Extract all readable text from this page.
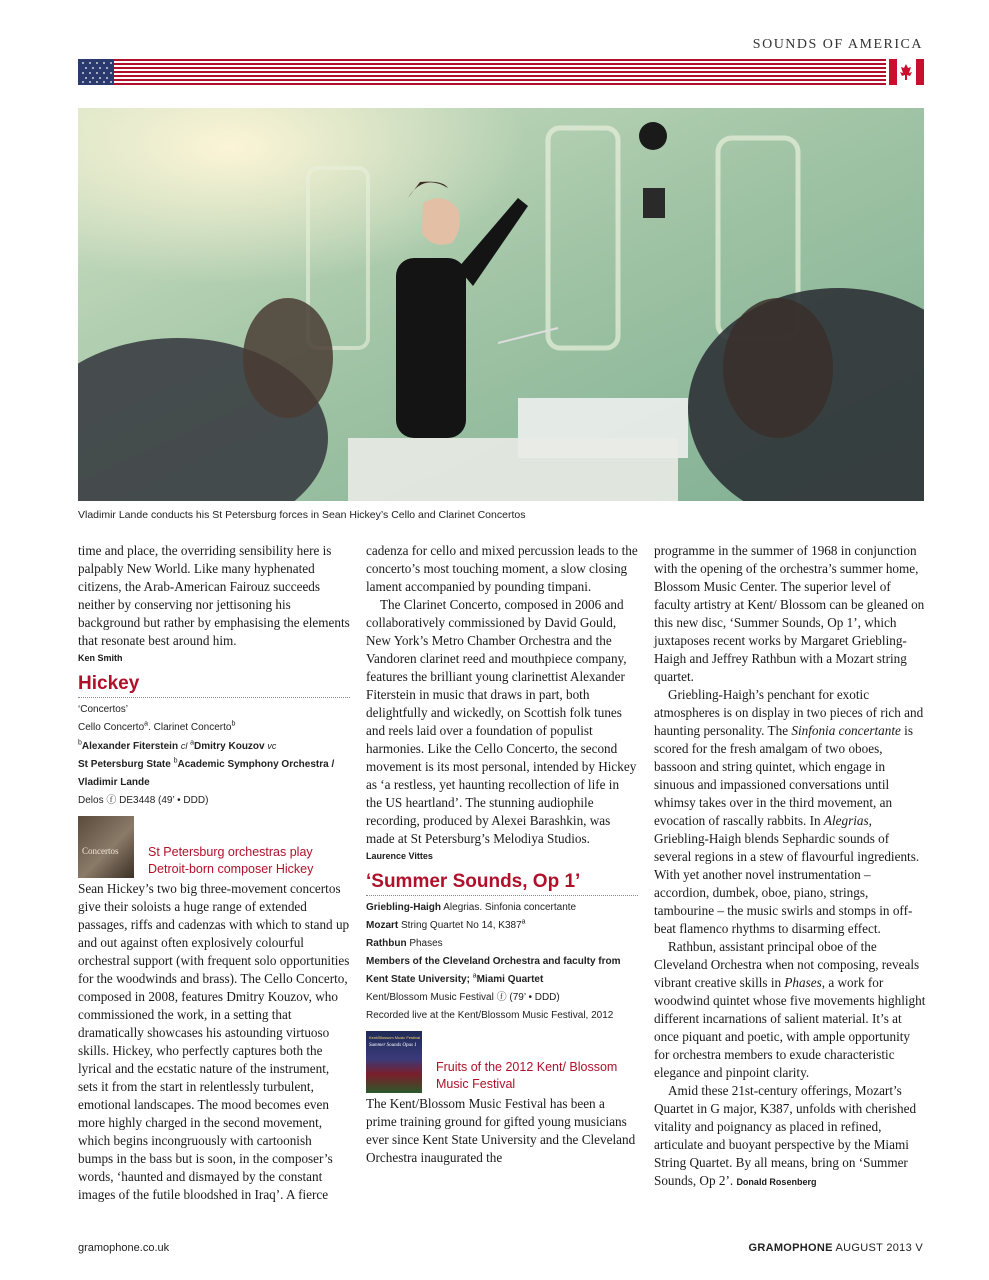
SOUNDS OF AMERICA
Vladimir Lande conducts his St Petersburg forces in Sean Hickey’s Cello and Clarinet Concertos

time and place, the overriding sensibility here is palpably New World. Like many hyphenated citizens, the Arab-American Fairouz succeeds neither by conserving nor jettisoning his background but rather by emphasising the elements that resonate best around him.

Ken Smith
Hickey
‘Concertos’
Cello Concerto$^a$. Clarinet Concerto$^b$
$^b$Alexander Fiterstein cl $^a$Dmitry Kouzov vc
St Petersburg State $^b$Academic Symphony Orchestra / Vladimir Lande
Delos ⓕ DE3448 (49’ • DDD)
Concertos St Petersburg orchestras play Detroit-born composer Hickey

Sean Hickey’s two big three-movement concertos give their soloists a huge range of extended passages, riffs and cadenzas with which to stand up and out against often explosively colourful orchestral support (with frequent solo opportunities for the woodwinds and brass). The Cello Concerto, composed in 2008, features Dmitry Kouzov, who commissioned the work, in a setting that dramatically showcases his astounding virtuoso skills. Hickey, who perfectly captures both the lyrical and the ecstatic nature of the instrument, sets it from the start in relentlessly turbulent, emotional landscapes. The mood becomes even more highly charged in the second movement, which begins incongruously with cartoonish bumps in the bass but is soon, in the composer’s words, ‘haunted and dismayed by the constant images of the futile bloodshed in Iraq’. A fierce

cadenza for cello and mixed percussion leads to the concerto’s most touching moment, a slow closing lament accompanied by pounding timpani.

The Clarinet Concerto, composed in 2006 and collaboratively commissioned by David Gould, New York’s Metro Chamber Orchestra and the Vandoren clarinet reed and mouthpiece company, features the brilliant young clarinettist Alexander Fiterstein in music that draws in part, both delightfully and wickedly, on Scottish folk tunes and reels laid over a foundation of populist harmonies. Like the Cello Concerto, the second movement is its most personal, intended by Hickey as ‘a restless, yet haunting recollection of life in the US heartland’. The stunning audiophile recording, produced by Alexei Barashkin, was made at St Petersburg’s Melodiya Studios.

Laurence Vittes
‘Summer Sounds, Op 1’
Griebling-Haigh Alegrias. Sinfonia concertante
Mozart String Quartet No 14, K387$^a$
Rathbun Phases
Members of the Cleveland Orchestra and faculty from Kent State University; $^a$Miami Quartet
Kent/Blossom Music Festival ⓕ (79’ • DDD)
Recorded live at the Kent/Blossom Music Festival, 2012
Kent/Blossom Music Festival
Summer Sounds Opus 1
Fruits of the 2012 Kent/ Blossom Music Festival

The Kent/Blossom Music Festival has been a prime training ground for gifted young musicians ever since Kent State University and the Cleveland Orchestra inaugurated the

programme in the summer of 1968 in conjunction with the opening of the orchestra’s summer home, Blossom Music Center. The superior level of faculty artistry at Kent/ Blossom can be gleaned on this new disc, ‘Summer Sounds, Op 1’, which juxtaposes recent works by Margaret Griebling-Haigh and Jeffrey Rathbun with a Mozart string quartet.

Griebling-Haigh’s penchant for exotic atmospheres is on display in two pieces of rich and haunting personality. The Sinfonia concertante is scored for the fresh amalgam of two oboes, bassoon and string quintet, which engage in sinuous and impassioned conversations until whimsy takes over in the third movement, an evocation of rascally rabbits. In Alegrias, Griebling-Haigh blends Sephardic sounds of several regions in a stew of flavourful ingredients. With yet another novel instrumentation – accordion, dumbek, oboe, piano, strings, tambourine – the music swirls and stomps in off-beat flamenco rhythms to disarming effect.

Rathbun, assistant principal oboe of the Cleveland Orchestra when not composing, reveals vibrant creative skills in Phases, a work for woodwind quintet whose five movements highlight different incarnations of salient material. It’s at once piquant and poetic, with ample opportunity for orchestra members to exude characteristic elegance and pinpoint clarity.

Amid these 21st-century offerings, Mozart’s Quartet in G major, K387, unfolds with cherished vitality and poignancy as placed in refined, articulate and buoyant perspective by the Miami String Quartet. By all means, bring on ‘Summer Sounds, Op 2’. Donald Rosenberg

gramophone.co.uk	GRAMOPHONE AUGUST 2013 V
